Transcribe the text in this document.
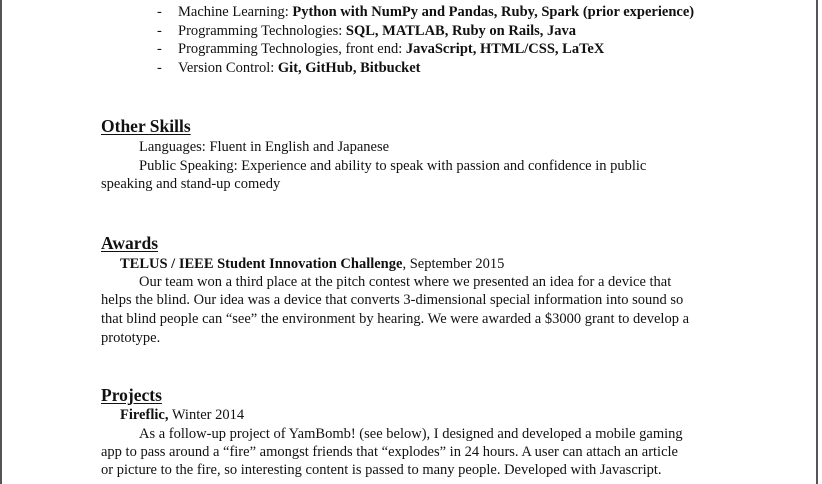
- Machine Learning: Python with NumPy and Pandas, Ruby, Spark (prior experience)
- Programming Technologies: SQL, MATLAB, Ruby on Rails, Java
- Programming Technologies, front end: JavaScript, HTML/CSS, LaTeX
- Version Control: Git, GitHub, Bitbucket
Other Skills
Languages: Fluent in English and Japanese
Public Speaking: Experience and ability to speak with passion and confidence in public
speaking and stand-up comedy
Awards
TELUS / IEEE Student Innovation Challenge, September 2015
Our team won a third place at the pitch contest where we presented an idea for a device that
helps the blind. Our idea was a device that converts 3-dimensional special information into sound so
that blind people can “see” the environment by hearing. We were awarded a $3000 grant to develop a
prototype.
Projects
Fireflic, Winter 2014
As a follow-up project of YamBomb! (see below), I designed and developed a mobile gaming
app to pass around a “fire” amongst friends that “explodes” in 24 hours. A user can attach an article
or picture to the fire, so interesting content is passed to many people. Developed with Javascript.
